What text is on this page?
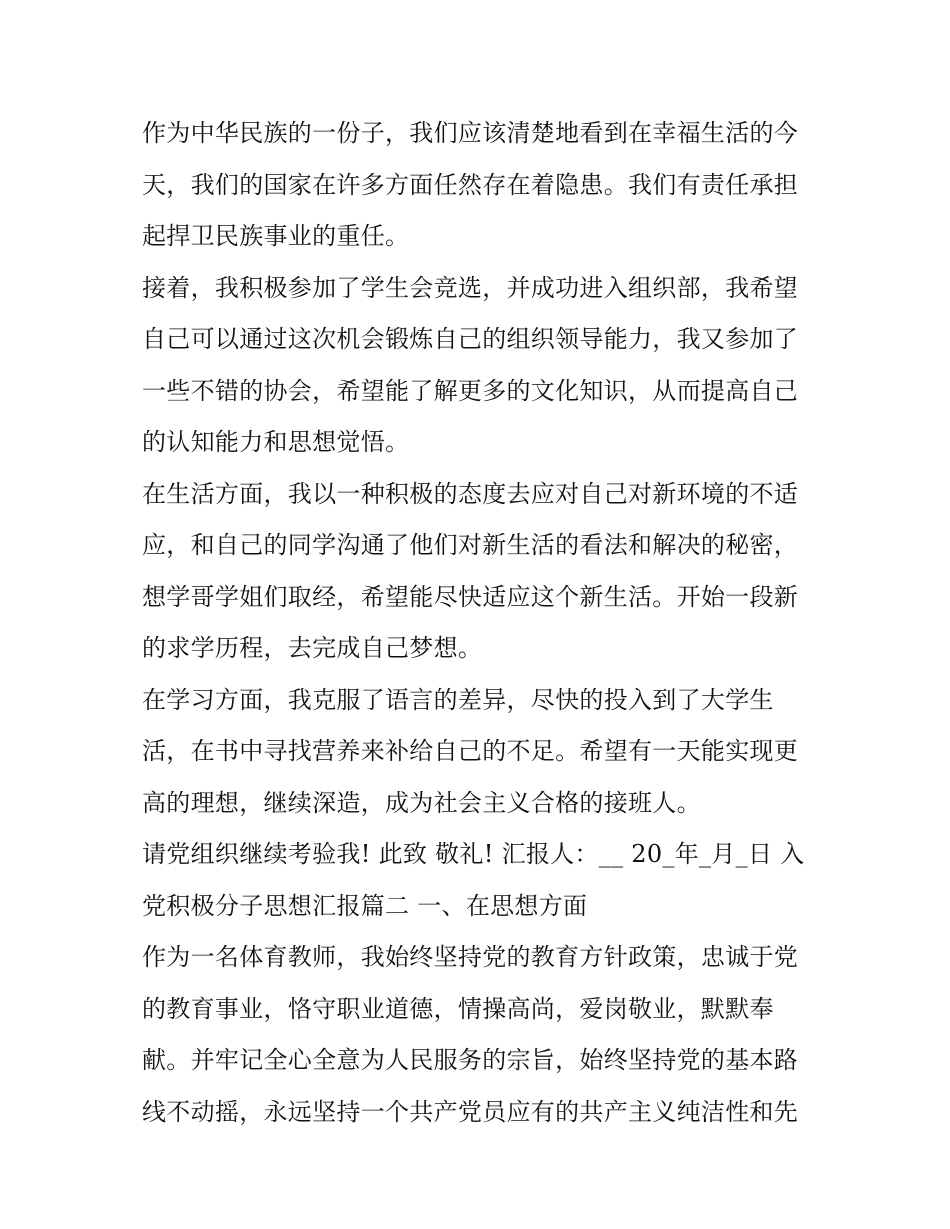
作为中华民族的一份子，我们应该清楚地看到在幸福生活的今
天，我们的国家在许多方面任然存在着隐患。我们有责任承担
起捍卫民族事业的重任。
接着，我积极参加了学生会竞选，并成功进入组织部，我希望
自己可以通过这次机会锻炼自己的组织领导能力，我又参加了
一些不错的协会，希望能了解更多的文化知识，从而提高自己
的认知能力和思想觉悟。
在生活方面，我以一种积极的态度去应对自己对新环境的不适
应，和自己的同学沟通了他们对新生活的看法和解决的秘密，
想学哥学姐们取经，希望能尽快适应这个新生活。开始一段新
的求学历程，去完成自己梦想。
在学习方面，我克服了语言的差异，尽快的投入到了大学生
活，在书中寻找营养来补给自己的不足。希望有一天能实现更
高的理想，继续深造，成为社会主义合格的接班人。
请党组织继续考验我! 此致 敬礼! 汇报人：__ 20_年_月_日 入
党积极分子思想汇报篇二 一、在思想方面
作为一名体育教师，我始终坚持党的教育方针政策，忠诚于党
的教育事业，恪守职业道德，情操高尚，爱岗敬业，默默奉
献。并牢记全心全意为人民服务的宗旨，始终坚持党的基本路
线不动摇，永远坚持一个共产党员应有的共产主义纯洁性和先
